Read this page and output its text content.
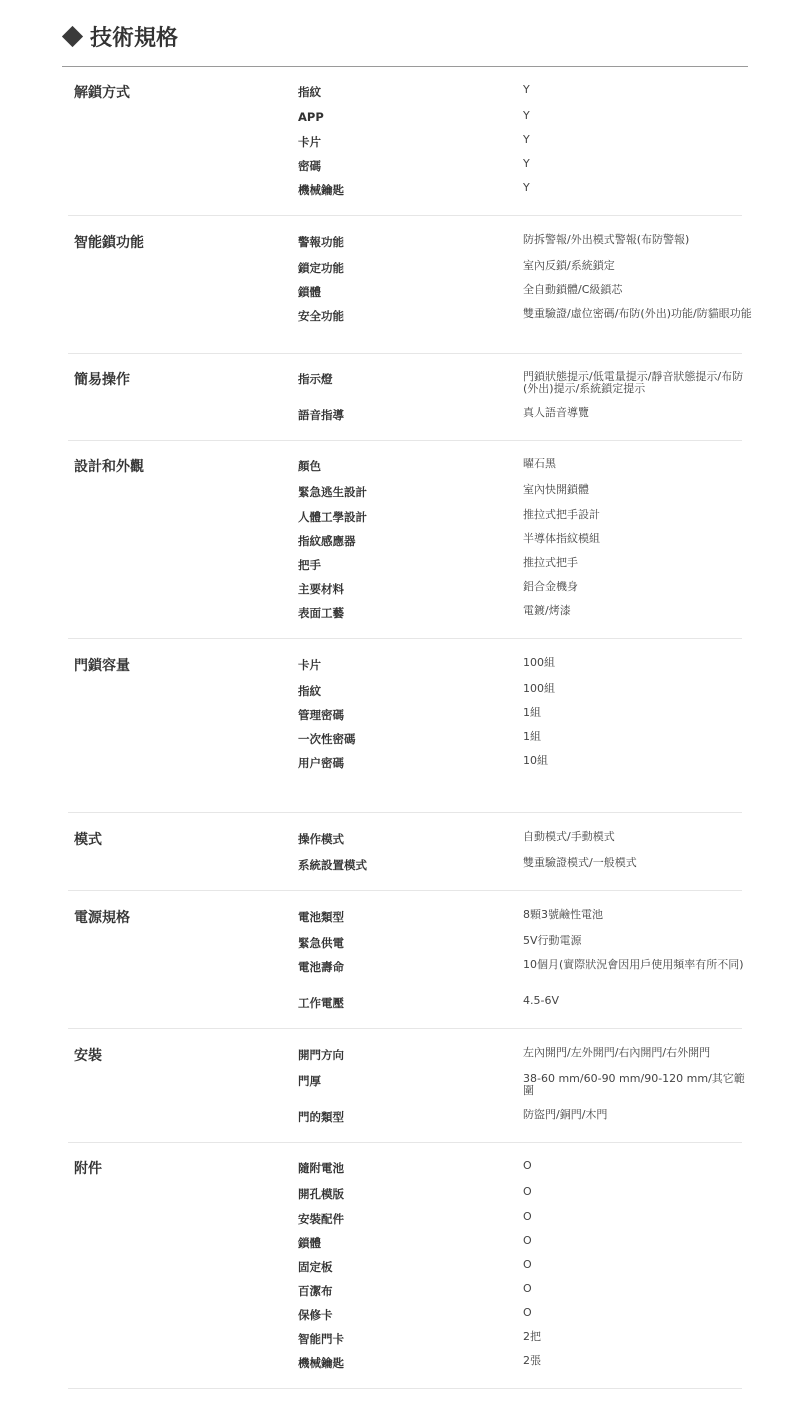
技術規格
解鎖方式	指紋	Y
APP	Y
卡片	Y
密碼	Y
機械鑰匙	Y
智能鎖功能	警報功能	防拆警報/外出模式警報(布防警報)
鎖定功能	室內反鎖/系統鎖定
鎖體	全自動鎖體/C級鎖芯
安全功能	雙重驗證/虛位密碼/布防(外出)功能/防貓眼功能
簡易操作	指示燈	門鎖狀態提示/低電量提示/靜音狀態提示/布防(外出)提示/系統鎖定提示
語音指導	真人語音導覽
設計和外觀	顏色	曜石黑
緊急逃生設計	室內快開鎖體
人體工學設計	推拉式把手設計
指紋感應器	半導体指紋模組
把手	推拉式把手
主要材料	鋁合金機身
表面工藝	電鍍/烤漆
門鎖容量	卡片	100組
指紋	100組
管理密碼	1組
一次性密碼	1組
用户密碼	10組
模式	操作模式	自動模式/手動模式
系統設置模式	雙重驗證模式/一般模式
電源規格	電池類型	8顆3號鹼性電池
緊急供電	5V行動電源
電池壽命	10個月(實際狀況會因用戶使用頻率有所不同)
工作電壓	4.5-6V
安裝	開門方向	左內開門/左外開門/右內開門/右外開門
門厚	38-60 mm/60-90 mm/90-120 mm/其它範圍
門的類型	防盜門/銅門/木門
附件	隨附電池	O
開孔模版	O
安裝配件	O
鎖體	O
固定板	O
百潔布	O
保修卡	O
智能門卡	2把
機械鑰匙	2張
